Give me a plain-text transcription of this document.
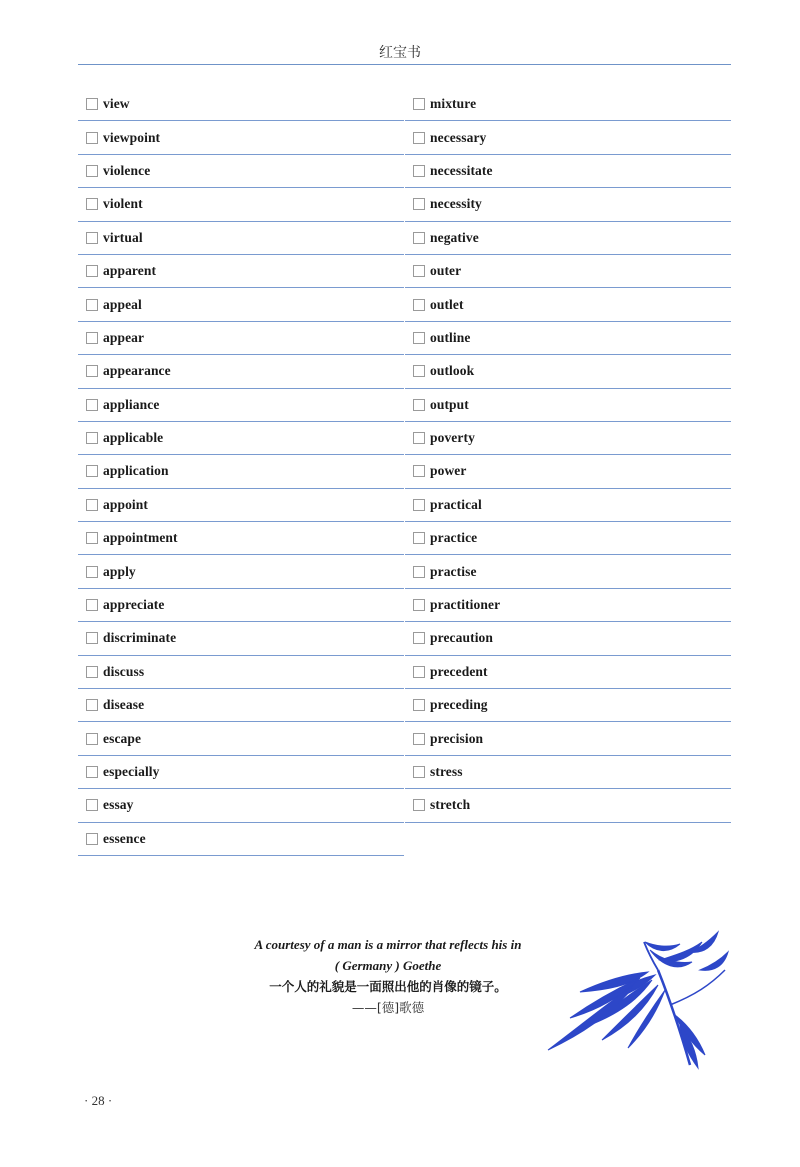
红宝书
view
viewpoint
violence
violent
virtual
apparent
appeal
appear
appearance
appliance
applicable
application
appoint
appointment
apply
appreciate
discriminate
discuss
disease
escape
especially
essay
essence
mixture
necessary
necessitate
necessity
negative
outer
outlet
outline
outlook
output
poverty
power
practical
practice
practise
practitioner
precaution
precedent
preceding
precision
stress
stretch
A courtesy of a man is a mirror that reflects his in
( Germany ) Goethe
一个人的礼貌是一面照出他的肖像的镜子。
——[德]歌德
· 28 ·
